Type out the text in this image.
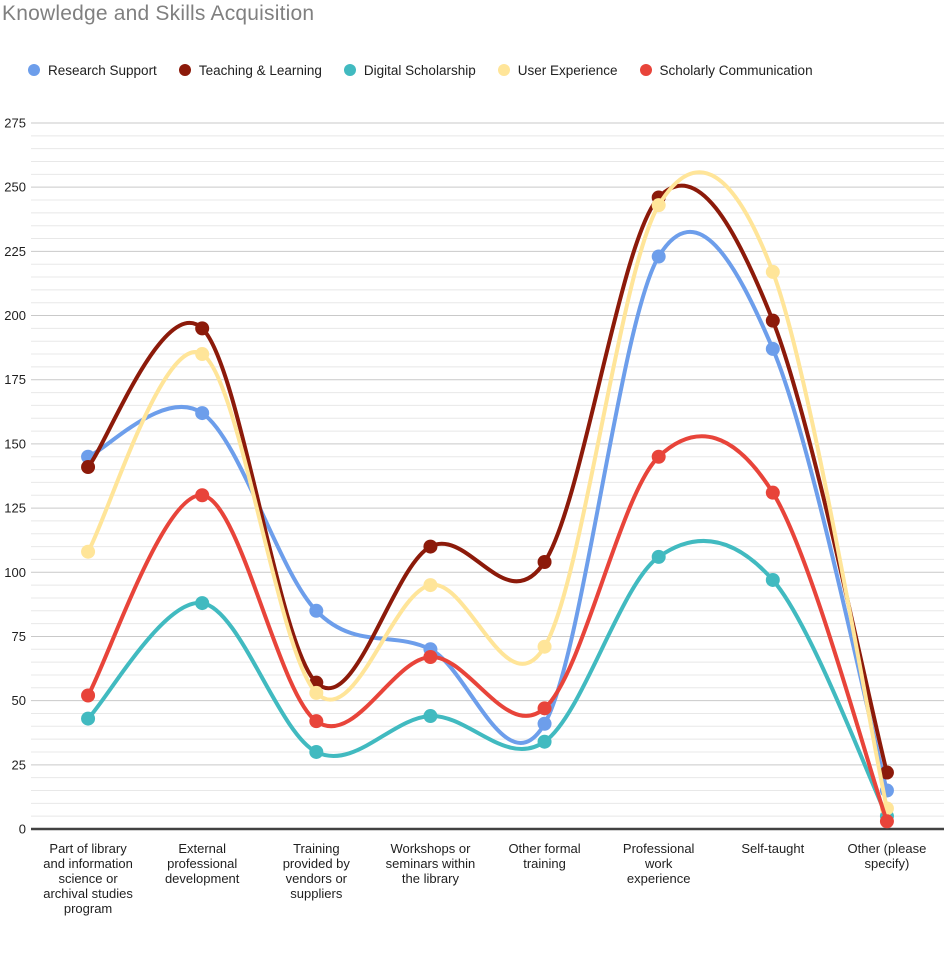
Knowledge and Skills Acquisition
Research Support	Teaching & Learning	Digital Scholarship	User Experience	Scholarly Communication
0
25
50
75
100
125
150
175
200
225
250
275
Part of library and information science or archival studies program
External professional development
Training provided by vendors or suppliers
Workshops or seminars within the library
Other formal training
Professional work experience
Self-taught	Other (please specify)
